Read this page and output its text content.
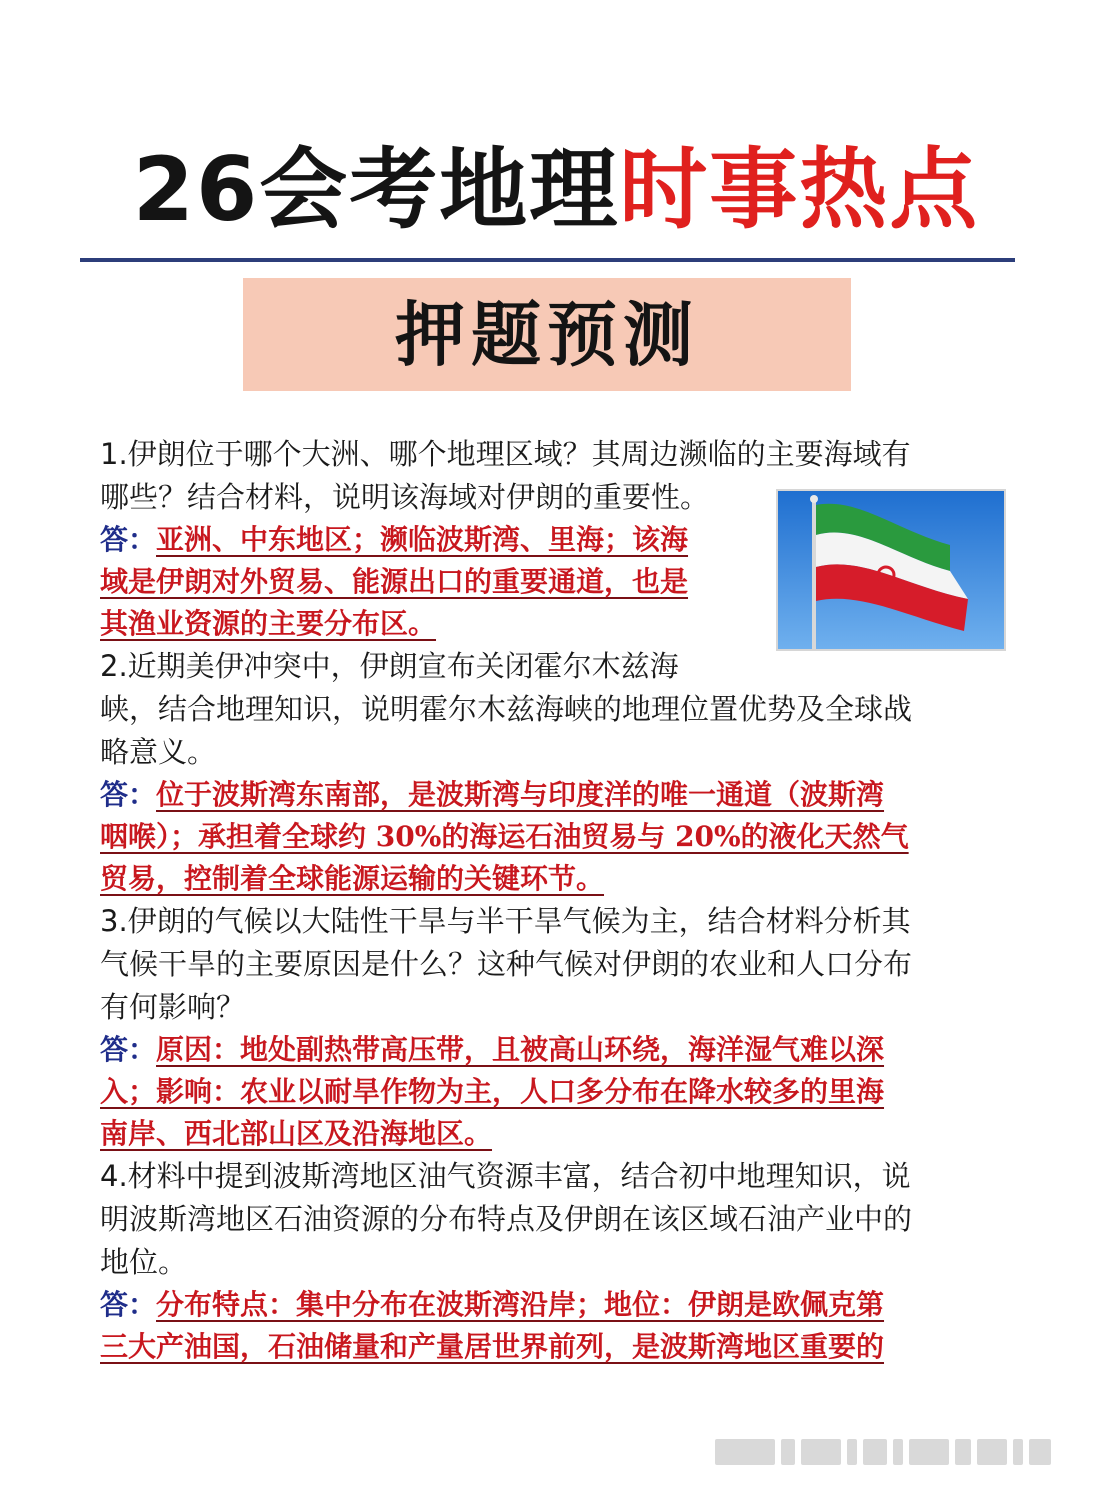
26会考地理时事热点
押题预测

1.伊朗位于哪个大洲、哪个地理区域？其周边濒临的主要海域有
哪些？结合材料，说明该海域对伊朗的重要性。

答：亚洲、中东地区；濒临波斯湾、里海；该海
域是伊朗对外贸易、能源出口的重要通道，也是
其渔业资源的主要分布区。

2.近期美伊冲突中，伊朗宣布关闭霍尔木兹海
峡，结合地理知识，说明霍尔木兹海峡的地理位置优势及全球战
略意义。

答：位于波斯湾东南部，是波斯湾与印度洋的唯一通道（波斯湾
咽喉）；承担着全球约 30%的海运石油贸易与 20%的液化天然气
贸易，控制着全球能源运输的关键环节。

3.伊朗的气候以大陆性干旱与半干旱气候为主，结合材料分析其
气候干旱的主要原因是什么？这种气候对伊朗的农业和人口分布
有何影响？

答：原因：地处副热带高压带，且被高山环绕，海洋湿气难以深
入；影响：农业以耐旱作物为主，人口多分布在降水较多的里海
南岸、西北部山区及沿海地区。

4.材料中提到波斯湾地区油气资源丰富，结合初中地理知识，说
明波斯湾地区石油资源的分布特点及伊朗在该区域石油产业中的
地位。

答：分布特点：集中分布在波斯湾沿岸；地位：伊朗是欧佩克第
三大产油国，石油储量和产量居世界前列，是波斯湾地区重要的
